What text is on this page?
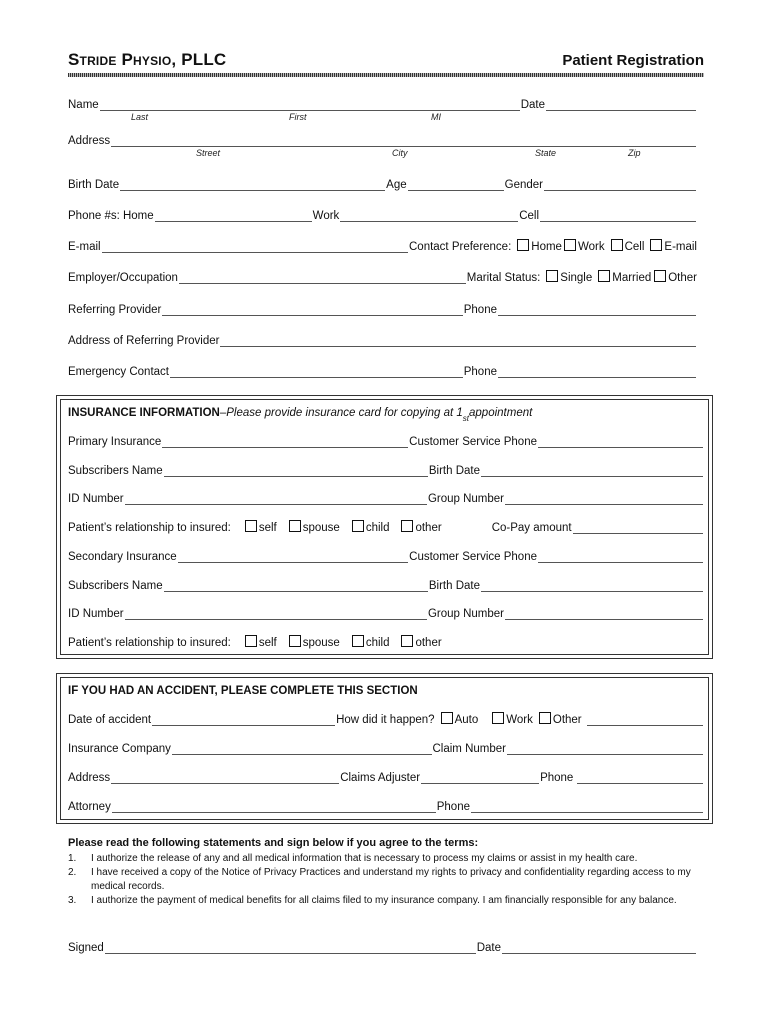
Stride Physio, PLLC	Patient Registration
Name	Date
Last	First	MI
Address
Street	City	State	Zip
Birth Date	Age	Gender
Phone #s: Home	Work	Cell
E-mail	Contact Preference:	Home	Work	Cell	E-mail
Employer/Occupation	Marital Status:	Single	Married	Other
Referring Provider	Phone
Address of Referring Provider
Emergency Contact	Phone
INSURANCE INFORMATION – Please provide insurance card for copying at 1 st appointment
Primary Insurance	Customer Service Phone
Subscribers Name	Birth Date
ID Number	Group Number
Patient’s relationship to insured:	self	spouse	child	other	Co-Pay amount
Secondary Insurance	Customer Service Phone
Subscribers Name	Birth Date
ID Number	Group Number
Patient’s relationship to insured:	self	spouse	child	other
IF YOU HAD AN ACCIDENT, PLEASE COMPLETE THIS SECTION
Date of accident	How did it happen?	Auto	Work	Other
Insurance Company	Claim Number
Address	Claims Adjuster	Phone
Attorney	Phone
Please read the following statements and sign below if you agree to the terms:
1. I authorize the release of any and all medical information that is necessary to process my claims or assist in my health care.
2. I have received a copy of the Notice of Privacy Practices and understand my rights to privacy and confidentiality regarding access to my medical records.
3. I authorize the payment of medical benefits for all claims filed to my insurance company. I am financially responsible for any balance.
Signed	Date
